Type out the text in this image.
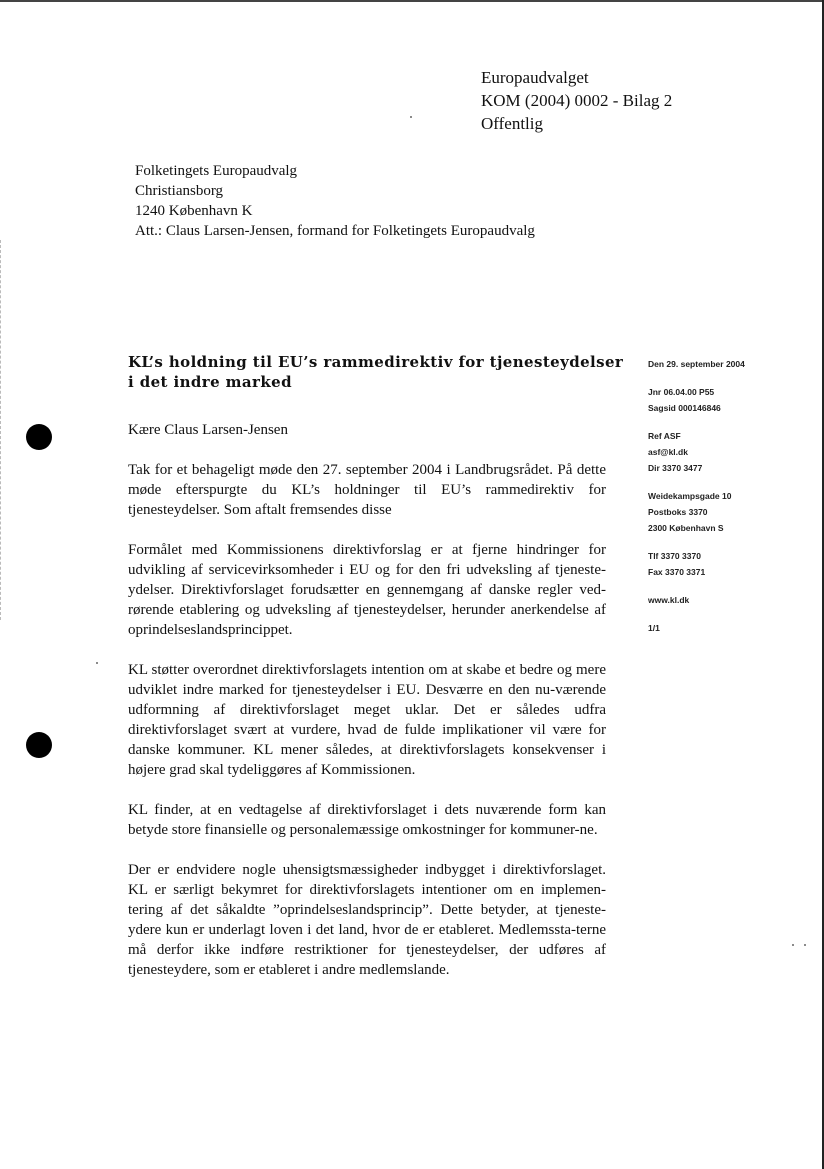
Europaudvalget
KOM (2004) 0002 - Bilag 2
Offentlig
Folketingets Europaudvalg
Christiansborg
1240 København K
Att.: Claus Larsen-Jensen, formand for Folketingets Europaudvalg
KL’s holdning til EU’s rammedirektiv for tjenesteydelser i det indre marked
Den 29. september 2004
Jnr 06.04.00 P55
Sagsid 000146846
Ref ASF
asf@kl.dk
Dir 3370 3477
Weidekampsgade 10
Postboks 3370
2300 København S
Tlf 3370 3370
Fax 3370 3371
www.kl.dk
1/1

Kære Claus Larsen-Jensen

Tak for et behageligt møde den 27. september 2004 i Landbrugsrådet. På dette møde efterspurgte du KL’s holdninger til EU’s rammedirektiv for tjenesteydelser. Som aftalt fremsendes disse

Formålet med Kommissionens direktivforslag er at fjerne hindringer for udvikling af servicevirksomheder i EU og for den fri udveksling af tjeneste-ydelser. Direktivforslaget forudsætter en gennemgang af danske regler ved-rørende etablering og udveksling af tjenesteydelser, herunder anerkendelse af oprindelseslandsprincippet.

KL støtter overordnet direktivforslagets intention om at skabe et bedre og mere udviklet indre marked for tjenesteydelser i EU. Desværre en den nu-værende udformning af direktivforslaget meget uklar. Det er således udfra direktivforslaget svært at vurdere, hvad de fulde implikationer vil være for danske kommuner. KL mener således, at direktivforslagets konsekvenser i højere grad skal tydeliggøres af Kommissionen.

KL finder, at en vedtagelse af direktivforslaget i dets nuværende form kan betyde store finansielle og personalemæssige omkostninger for kommuner-ne.

Der er endvidere nogle uhensigtsmæssigheder indbygget i direktivforslaget. KL er særligt bekymret for direktivforslagets intentioner om en implemen-tering af det såkaldte ”oprindelseslandsprincip”. Dette betyder, at tjeneste-ydere kun er underlagt loven i det land, hvor de er etableret. Medlemssta-terne må derfor ikke indføre restriktioner for tjenesteydelser, der udføres af tjenesteydere, som er etableret i andre medlemslande.
